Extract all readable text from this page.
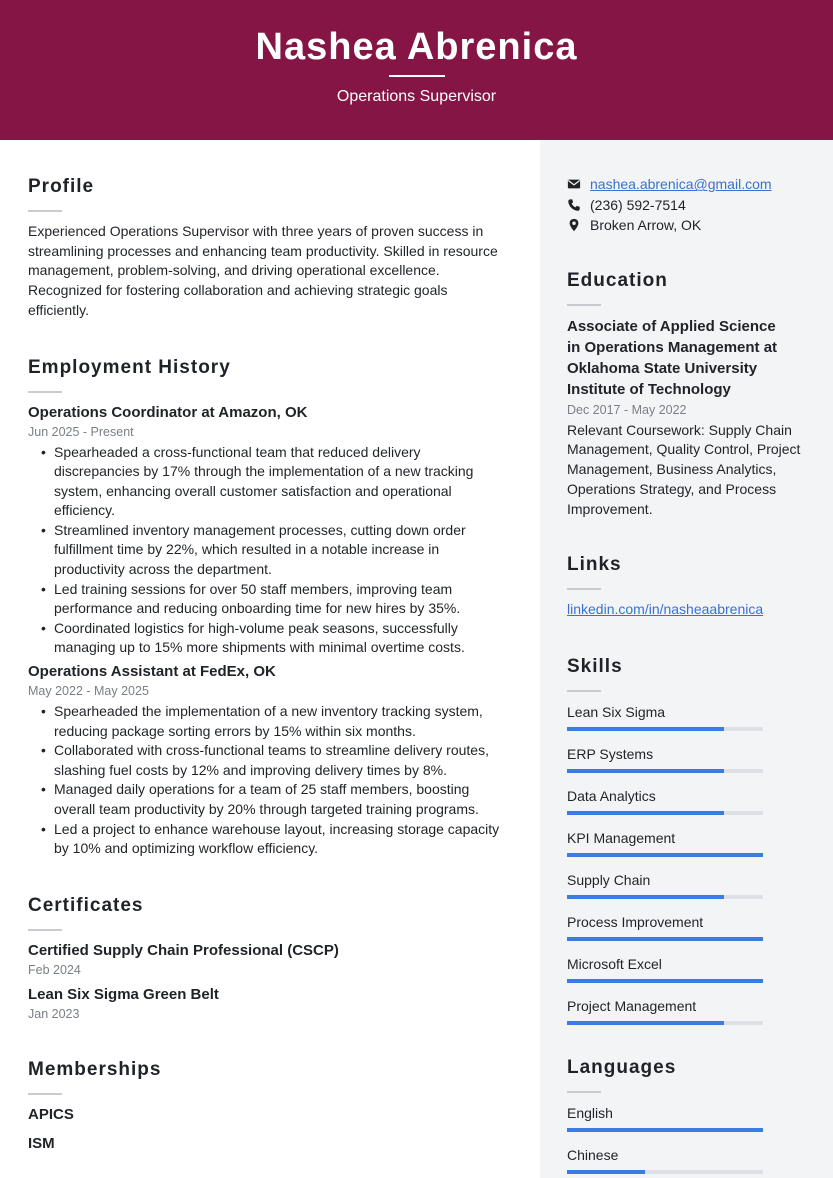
Nashea Abrenica
Operations Supervisor
Profile

Experienced Operations Supervisor with three years of proven success in streamlining processes and enhancing team productivity. Skilled in resource management, problem-solving, and driving operational excellence. Recognized for fostering collaboration and achieving strategic goals efficiently.

Employment History
Operations Coordinator at Amazon, OK
Jun 2025 - Present
• Spearheaded a cross-functional team that reduced delivery discrepancies by 17% through the implementation of a new tracking system, enhancing overall customer satisfaction and operational efficiency.
• Streamlined inventory management processes, cutting down order fulfillment time by 22%, which resulted in a notable increase in productivity across the department.
• Led training sessions for over 50 staff members, improving team performance and reducing onboarding time for new hires by 35%.
• Coordinated logistics for high-volume peak seasons, successfully managing up to 15% more shipments with minimal overtime costs.
Operations Assistant at FedEx, OK
May 2022 - May 2025
• Spearheaded the implementation of a new inventory tracking system, reducing package sorting errors by 15% within six months.
• Collaborated with cross-functional teams to streamline delivery routes, slashing fuel costs by 12% and improving delivery times by 8%.
• Managed daily operations for a team of 25 staff members, boosting overall team productivity by 20% through targeted training programs.
• Led a project to enhance warehouse layout, increasing storage capacity by 10% and optimizing workflow efficiency.
Certificates
Certified Supply Chain Professional (CSCP)
Feb 2024
Lean Six Sigma Green Belt
Jan 2023
Memberships
APICS
ISM
nashea.abrenica@gmail.com
(236) 592-7514
Broken Arrow, OK
Education
Associate of Applied Science in Operations Management at Oklahoma State University Institute of Technology
Dec 2017 - May 2022

Relevant Coursework: Supply Chain Management, Quality Control, Project Management, Business Analytics, Operations Strategy, and Process Improvement.

Links
linkedin.com/in/nasheaabrenica
Skills
Lean Six Sigma
ERP Systems
Data Analytics
KPI Management
Supply Chain
Process Improvement
Microsoft Excel
Project Management
Languages
English
Chinese
